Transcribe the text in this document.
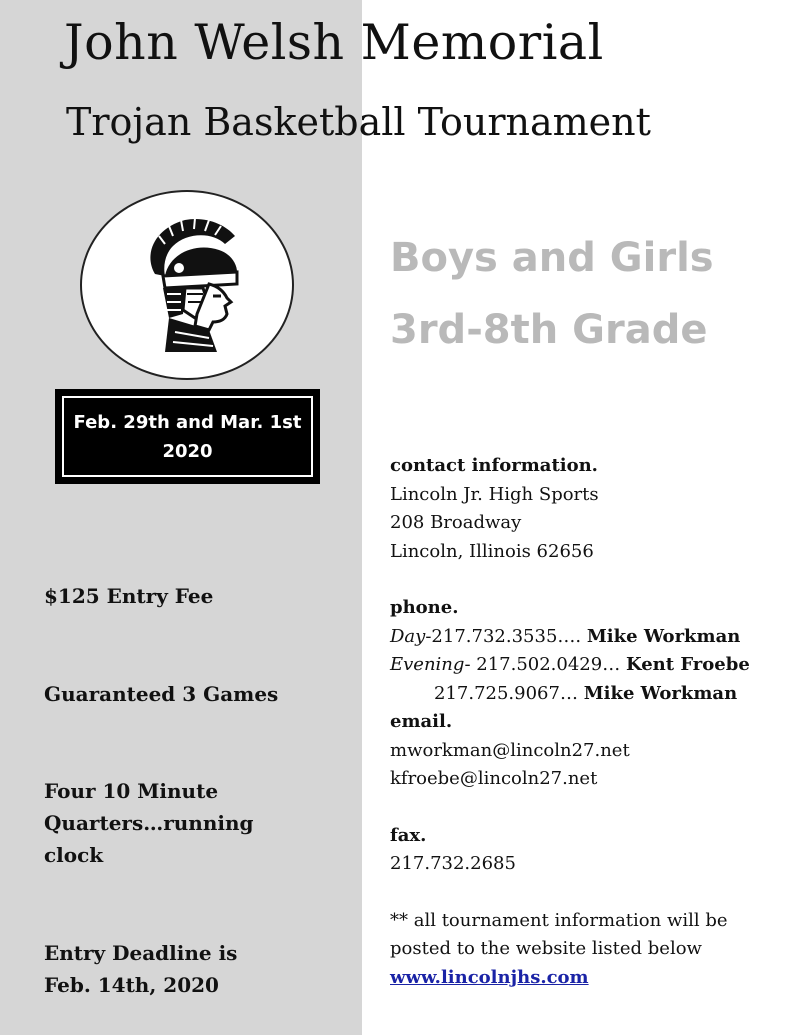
John Welsh Memorial
Trojan Basketball Tournament
Feb. 29th and Mar. 1st
2020
Boys and Girls
3rd-8th Grade
$125 Entry Fee
Guaranteed 3 Games
Four 10 Minute
Quarters…running
clock
Entry Deadline is
Feb. 14th, 2020
contact information.
Lincoln Jr. High Sports
208 Broadway
Lincoln, Illinois 62656
phone.
Day-217.732.3535…. Mike Workman
Evening- 217.502.0429… Kent Froebe
217.725.9067… Mike Workman
email.
mworkman@lincoln27.net
kfroebe@lincoln27.net
fax.
217.732.2685
** all tournament information will be
posted to the website listed below
www.lincolnjhs.com
